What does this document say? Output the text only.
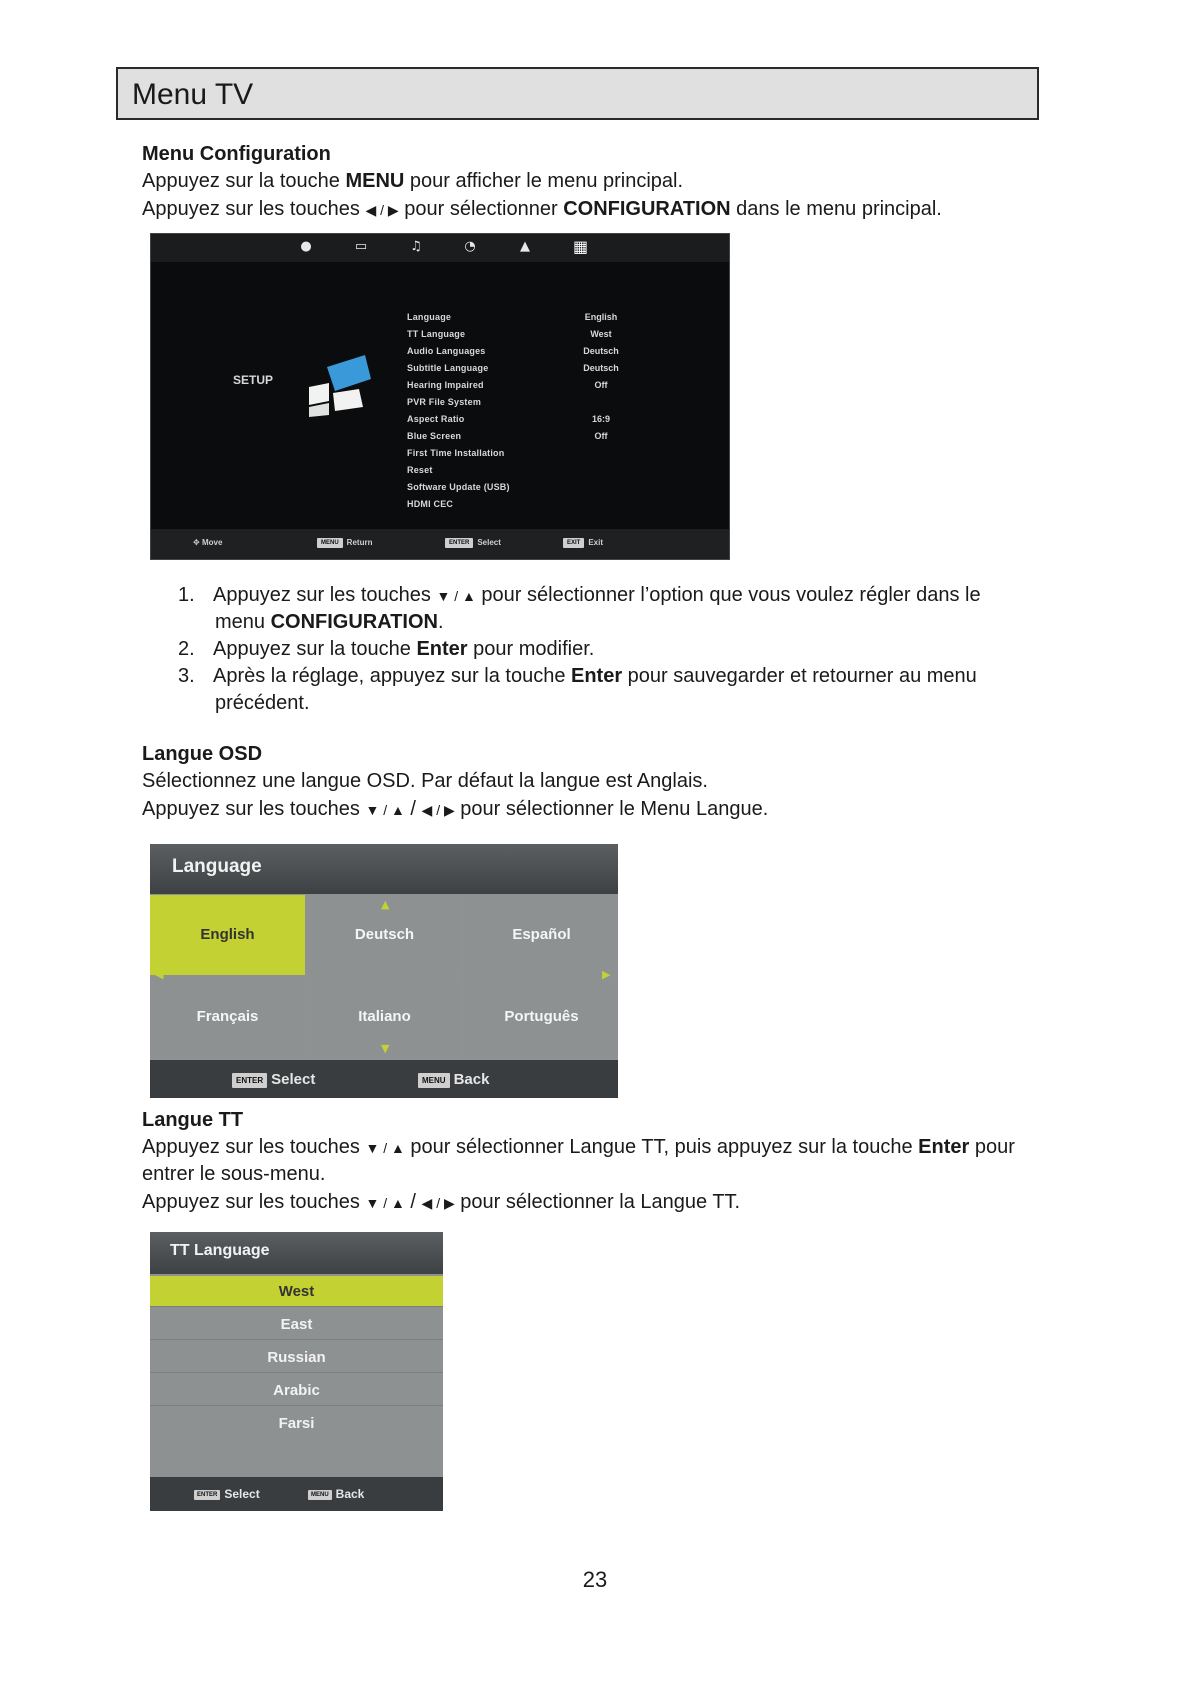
Menu TV
Menu Configuration
Appuyez sur la touche MENU pour afficher le menu principal.
Appuyez sur les touches ◀ / ▶ pour sélectionner CONFIGURATION dans le menu principal.
●	▭	♫	◔	▲	▦
SETUP
Language	English
TT Language	West
Audio Languages	Deutsch
Subtitle Language	Deutsch
Hearing Impaired	Off
PVR File System
Aspect Ratio	16:9
Blue Screen	Off
First Time Installation
Reset
Software Update (USB)
HDMI CEC
✥ Move	MENU Return	ENTER Select	EXIT Exit
1. Appuyez sur les touches ▼ / ▲ pour sélectionner l’option que vous voulez régler dans le
menu CONFIGURATION.
2. Appuyez sur la touche Enter pour modifier.
3. Après la réglage, appuyez sur la touche Enter pour sauvegarder et retourner au menu
précédent.
Langue OSD
Sélectionnez une langue OSD. Par défaut la langue est Anglais.
Appuyez sur les touches ▼ / ▲ / ◀ / ▶ pour sélectionner le Menu Langue.
Language
English	Deutsch	Español
Français	Italiano	Português
▲
▼
◀	▶
ENTER Select	MENU Back
Langue TT
Appuyez sur les touches ▼ / ▲ pour sélectionner Langue TT, puis appuyez sur la touche Enter pour
entrer le sous-menu.
Appuyez sur les touches ▼ / ▲ / ◀ / ▶ pour sélectionner la Langue TT.
TT Language
West
East
Russian
Arabic
Farsi
ENTER Select	MENU Back
23
